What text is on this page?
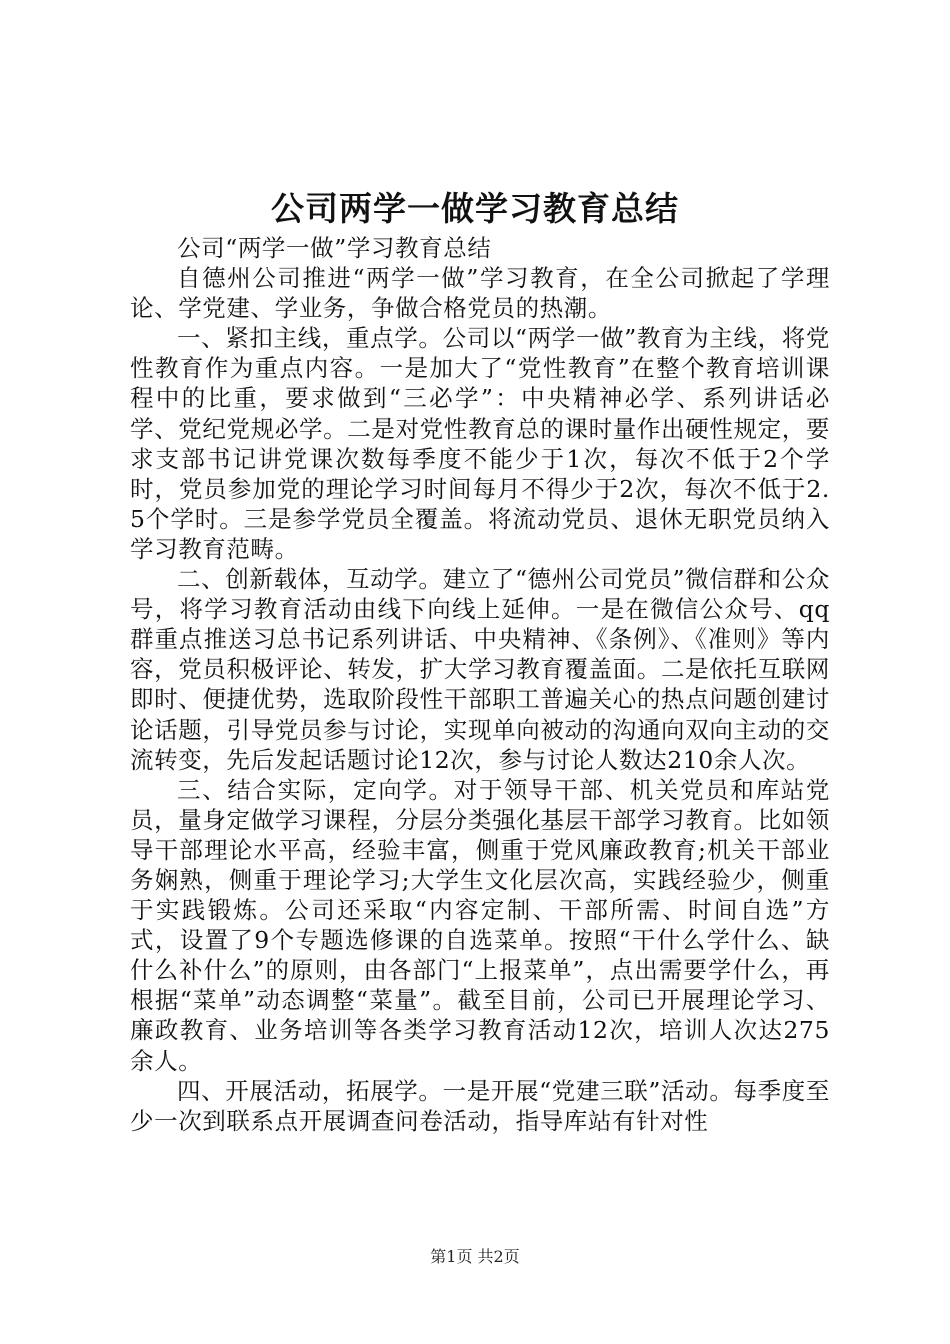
公司两学一做学习教育总结

公司“两学一做”学习教育总结

自德州公司推进“两学一做”学习教育，在全公司掀起了学理论、学党建、学业务，争做合格党员的热潮。

一、紧扣主线，重点学。公司以“两学一做”教育为主线，将党性教育作为重点内容。一是加大了“党性教育”在整个教育培训课程中的比重，要求做到“三必学”：中央精神必学、系列讲话必学、党纪党规必学。二是对党性教育总的课时量作出硬性规定，要求支部书记讲党课次数每季度不能少于1次，每次不低于2个学时，党员参加党的理论学习时间每月不得少于2次，每次不低于2.5个学时。三是参学党员全覆盖。将流动党员、退休无职党员纳入学习教育范畴。

二、创新载体，互动学。建立了“德州公司党员”微信群和公众号，将学习教育活动由线下向线上延伸。一是在微信公众号、qq群重点推送习总书记系列讲话、中央精神、《条例》、《准则》等内容，党员积极评论、转发，扩大学习教育覆盖面。二是依托互联网即时、便捷优势，选取阶段性干部职工普遍关心的热点问题创建讨论话题，引导党员参与讨论，实现单向被动的沟通向双向主动的交流转变，先后发起话题讨论12次，参与讨论人数达210余人次。

三、结合实际，定向学。对于领导干部、机关党员和库站党员，量身定做学习课程，分层分类强化基层干部学习教育。比如领导干部理论水平高，经验丰富，侧重于党风廉政教育;机关干部业务娴熟，侧重于理论学习;大学生文化层次高，实践经验少，侧重于实践锻炼。公司还采取“内容定制、干部所需、时间自选”方式，设置了9个专题选修课的自选菜单。按照“干什么学什么、缺什么补什么”的原则，由各部门“上报菜单”，点出需要学什么，再根据“菜单”动态调整“菜量”。截至目前，公司已开展理论学习、廉政教育、业务培训等各类学习教育活动12次，培训人次达275余人。

四、开展活动，拓展学。一是开展“党建三联”活动。每季度至少一次到联系点开展调查问卷活动，指导库站有针对性

第1页 共2页
